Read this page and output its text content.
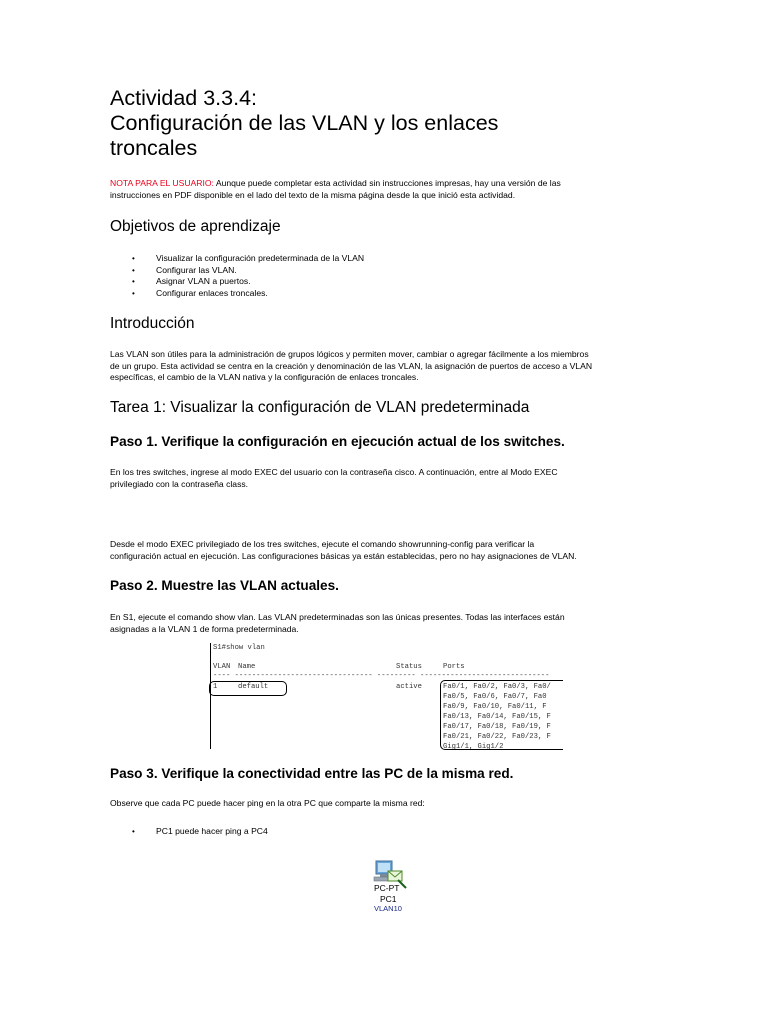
Actividad 3.3.4:
Configuración de las VLAN y los enlaces
troncales
NOTA PARA EL USUARIO: Aunque puede completar esta actividad sin instrucciones impresas, hay una versión de las
instrucciones en PDF disponible en el lado del texto de la misma página desde la que inició esta actividad.
Objetivos de aprendizaje
• Visualizar la configuración predeterminada de la VLAN
• Configurar las VLAN.
• Asignar VLAN a puertos.
• Configurar enlaces troncales.
Introducción
Las VLAN son útiles para la administración de grupos lógicos y permiten mover, cambiar o agregar fácilmente a los miembros
de un grupo. Esta actividad se centra en la creación y denominación de las VLAN, la asignación de puertos de acceso a VLAN
específicas, el cambio de la VLAN nativa y la configuración de enlaces troncales.
Tarea 1: Visualizar la configuración de VLAN predeterminada
Paso 1. Verifique la configuración en ejecución actual de los switches.
En los tres switches, ingrese al modo EXEC del usuario con la contraseña cisco. A continuación, entre al Modo EXEC
privilegiado con la contraseña class.
Desde el modo EXEC privilegiado de los tres switches, ejecute el comando showrunning-config para verificar la
configuración actual en ejecución. Las configuraciones básicas ya están establecidas, pero no hay asignaciones de VLAN.
Paso 2. Muestre las VLAN actuales.
En S1, ejecute el comando show vlan. Las VLAN predeterminadas son las únicas presentes. Todas las interfaces están
asignadas a la VLAN 1 de forma predeterminada.
S1#show vlan
VLAN Name	Status	Ports
---- -------------------------------- --------- ------------------------------
1	default	active	Fa0/1, Fa0/2, Fa0/3, Fa0/
Fa0/5, Fa0/6, Fa0/7, Fa0
Fa0/9, Fa0/10, Fa0/11, F
Fa0/13, Fa0/14, Fa0/15, F
Fa0/17, Fa0/18, Fa0/19, F
Fa0/21, Fa0/22, Fa0/23, F
Gig1/1, Gig1/2
Paso 3. Verifique la conectividad entre las PC de la misma red.
Observe que cada PC puede hacer ping en la otra PC que comparte la misma red:
• PC1 puede hacer ping a PC4
PC-PT
PC1
VLAN10
